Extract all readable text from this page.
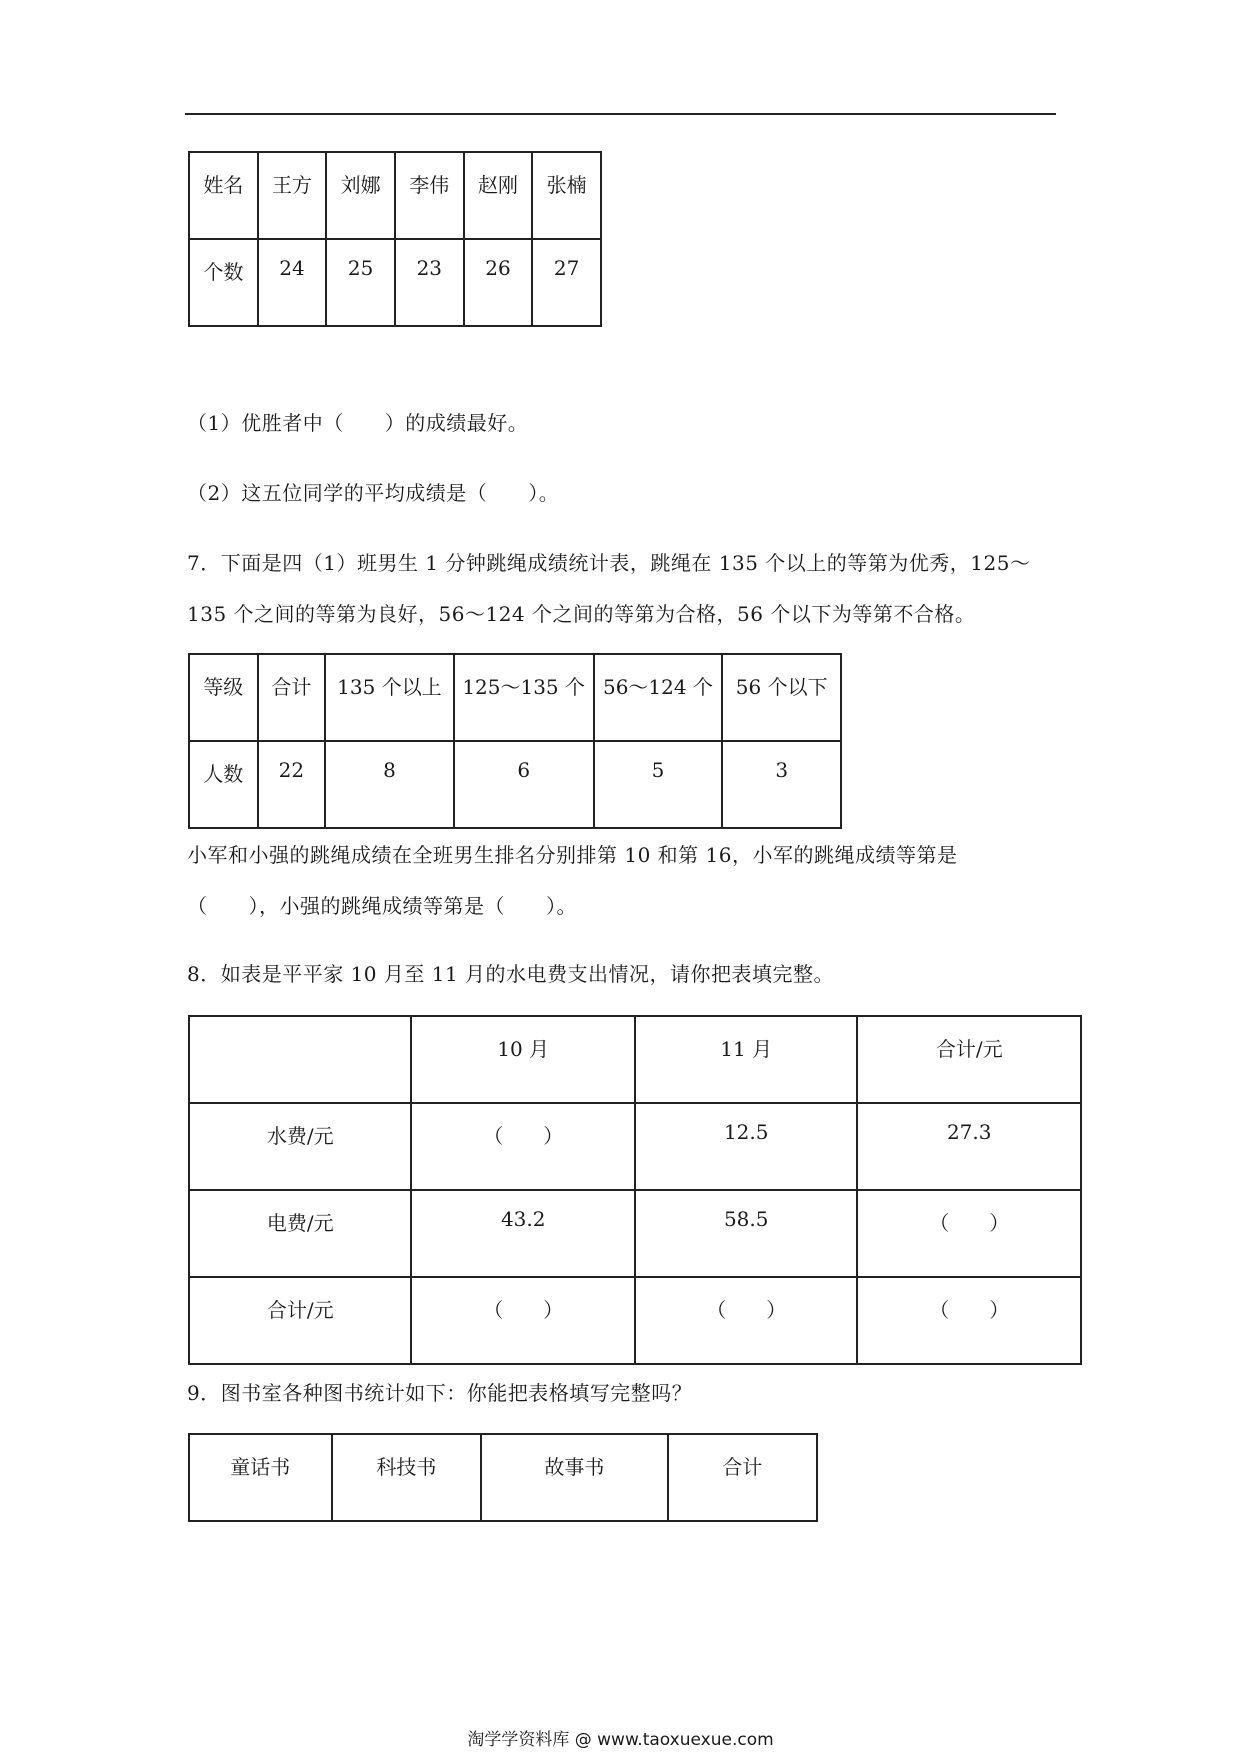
姓名	王方	刘娜	李伟	赵刚	张楠
个数	24	25	23	26	27
（1）优胜者中（　　）的成绩最好。
（2）这五位同学的平均成绩是（　　）。
7．下面是四（1）班男生 1 分钟跳绳成绩统计表，跳绳在 135 个以上的等第为优秀，125～
135 个之间的等第为良好，56～124 个之间的等第为合格，56 个以下为等第不合格。
等级	合计	135 个以上	125～135 个	56～124 个	56 个以下
人数	22	8	6	5	3
小军和小强的跳绳成绩在全班男生排名分别排第 10 和第 16，小军的跳绳成绩等第是
（　　），小强的跳绳成绩等第是（　　）。
8．如表是平平家 10 月至 11 月的水电费支出情况，请你把表填完整。
	10 月	11 月	合计/元
水费/元	（　　）	12.5	27.3
电费/元	43.2	58.5	（　　）
合计/元	（　　）	（　　）	（　　）
9．图书室各种图书统计如下：你能把表格填写完整吗？
童话书	科技书	故事书	合计
淘学学资料库 @ www.taoxuexue.com
